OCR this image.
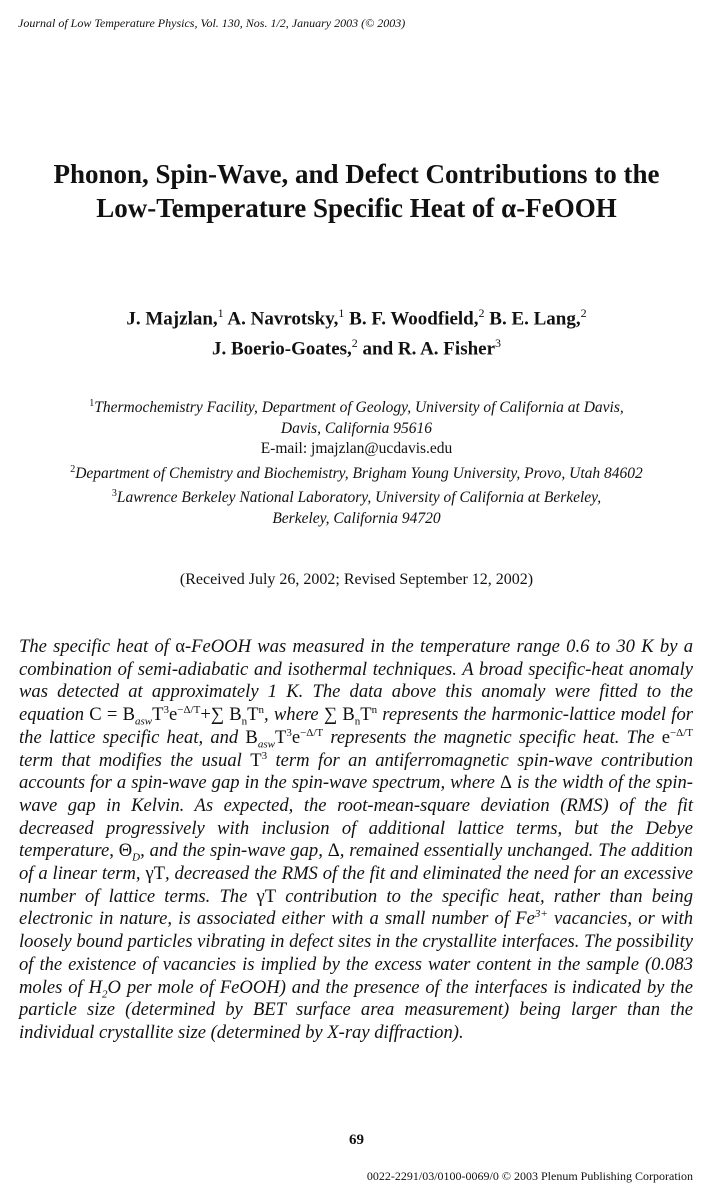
Journal of Low Temperature Physics, Vol. 130, Nos. 1/2, January 2003 (© 2003)
Phonon, Spin-Wave, and Defect Contributions to the
Low-Temperature Specific Heat of α-FeOOH
J. Majzlan,$^1$ A. Navrotsky,$^1$ B. F. Woodfield,$^2$ B. E. Lang,$^2$
J. Boerio-Goates,$^2$ and R. A. Fisher$^3$
$^1$Thermochemistry Facility, Department of Geology, University of California at Davis,
Davis, California 95616
E-mail: jmajzlan@ucdavis.edu
$^2$Department of Chemistry and Biochemistry, Brigham Young University, Provo, Utah 84602
$^3$Lawrence Berkeley National Laboratory, University of California at Berkeley,
Berkeley, California 94720
(Received July 26, 2002; Revised September 12, 2002)
The specific heat of α-FeOOH was measured in the temperature range 0.6 to 30 K by a combination of semi-adiabatic and isothermal techniques. A broad specific-heat anomaly was detected at approximately 1 K. The data above this anomaly were fitted to the equation $C = B_{asw}T^3e^{-\Delta/T}+\sum$ $B_nT^n$, where ∑ $B_nT^n$ represents the harmonic-lattice model for the lattice specific heat, and $B_{asw}T^3e^{-\Delta/T}$ represents the magnetic specific heat. The $e^{-\Delta/T}$ term that modifies the usual $T^3$ term for an antiferromagnetic spin-wave contribution accounts for a spin-wave gap in the spin-wave spectrum, where Δ is the width of the spin-wave gap in Kelvin. As expected, the root-mean-square deviation (RMS) of the fit decreased progressively with inclusion of additional lattice terms, but the Debye temperature, $\Theta_D$, and the spin-wave gap, Δ, remained essentially unchanged. The addition of a linear term, γT, decreased the RMS of the fit and eliminated the need for an excessive number of lattice terms. The γT contribution to the specific heat, rather than being electronic in nature, is associated either with a small number of $Fe^{3+}$ vacancies, or with loosely bound particles vibrating in defect sites in the crystallite interfaces. The possibility of the existence of vacancies is implied by the excess water content in the sample (0.083 moles of $H_2O$ per mole of FeOOH) and the presence of the interfaces is indicated by the particle size (determined by BET surface area measurement) being larger than the individual crystallite size (determined by X-ray diffraction).
69
0022-2291/03/0100-0069/0 © 2003 Plenum Publishing Corporation
